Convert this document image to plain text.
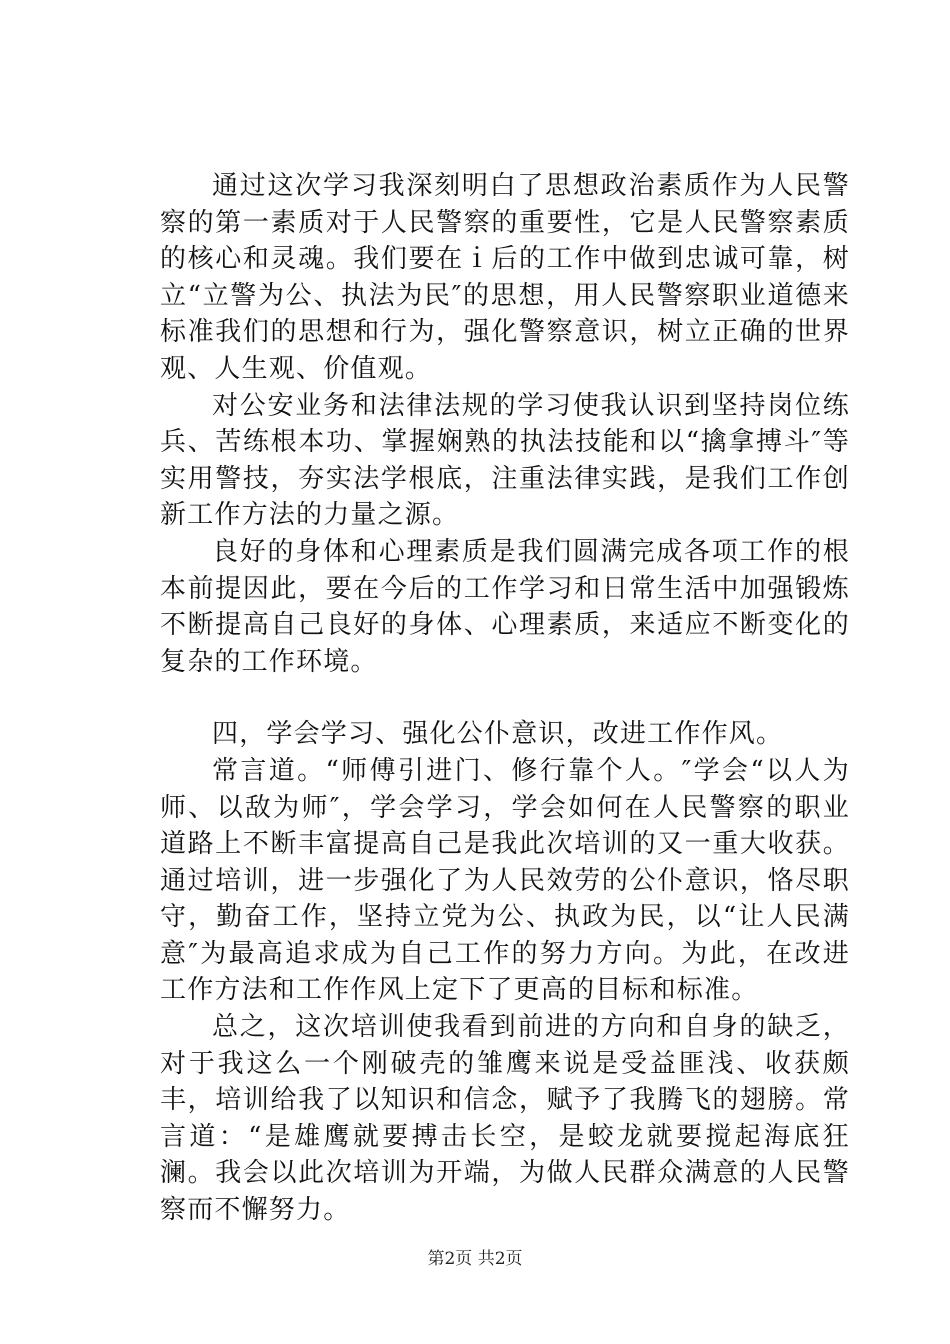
通过这次学习我深刻明白了思想政治素质作为人民警察的第一素质对于人民警察的重要性，它是人民警察素质的核心和灵魂。我们要在ｉ后的工作中做到忠诚可靠，树立“立警为公、执法为民″的思想，用人民警察职业道德来标准我们的思想和行为，强化警察意识，树立正确的世界观、人生观、价值观。

对公安业务和法律法规的学习使我认识到坚持岗位练兵、苦练根本功、掌握娴熟的执法技能和以“擒拿搏斗″等实用警技，夯实法学根底，注重法律实践，是我们工作创新工作方法的力量之源。

良好的身体和心理素质是我们圆满完成各项工作的根本前提因此，要在今后的工作学习和日常生活中加强锻炼不断提高自己良好的身体、心理素质，来适应不断变化的复杂的工作环境。

四，学会学习、强化公仆意识，改进工作作风。

常言道。“师傅引进门、修行靠个人。″学会“以人为师、以敌为师″，学会学习，学会如何在人民警察的职业道路上不断丰富提高自己是我此次培训的又一重大收获。通过培训，进一步强化了为人民效劳的公仆意识，恪尽职守，勤奋工作，坚持立党为公、执政为民，以“让人民满意″为最高追求成为自己工作的努力方向。为此，在改进工作方法和工作作风上定下了更高的目标和标准。

总之，这次培训使我看到前进的方向和自身的缺乏，对于我这么一个刚破壳的雏鹰来说是受益匪浅、收获颇丰，培训给我了以知识和信念，赋予了我腾飞的翅膀。常言道：“是雄鹰就要搏击长空，是蛟龙就要搅起海底狂澜。我会以此次培训为开端，为做人民群众满意的人民警察而不懈努力。

第2页 共2页
